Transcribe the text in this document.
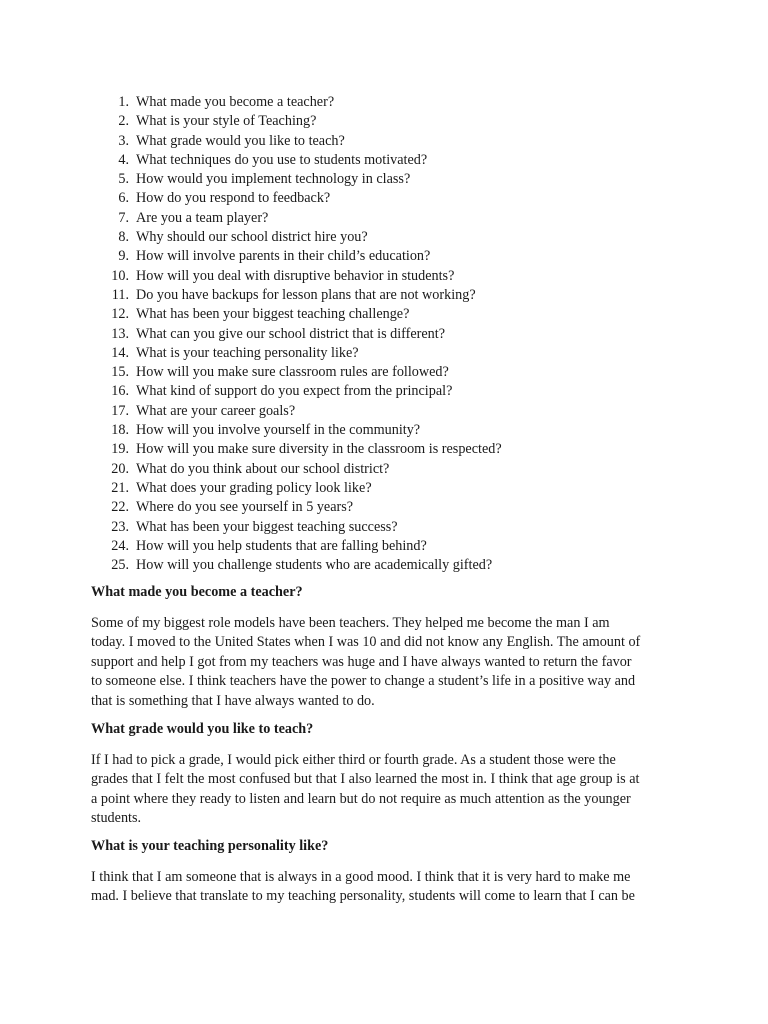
1. What made you become a teacher?
2. What is your style of Teaching?
3. What grade would you like to teach?
4. What techniques do you use to students motivated?
5. How would you implement technology in class?
6. How do you respond to feedback?
7. Are you a team player?
8. Why should our school district hire you?
9. How will involve parents in their child’s education?
10. How will you deal with disruptive behavior in students?
11. Do you have backups for lesson plans that are not working?
12. What has been your biggest teaching challenge?
13. What can you give our school district that is different?
14. What is your teaching personality like?
15. How will you make sure classroom rules are followed?
16. What kind of support do you expect from the principal?
17. What are your career goals?
18. How will you involve yourself in the community?
19. How will you make sure diversity in the classroom is respected?
20. What do you think about our school district?
21. What does your grading policy look like?
22. Where do you see yourself in 5 years?
23. What has been your biggest teaching success?
24. How will you help students that are falling behind?
25. How will you challenge students who are academically gifted?

What made you become a teacher?

Some of my biggest role models have been teachers. They helped me become the man I am
today. I moved to the United States when I was 10 and did not know any English. The amount of
support and help I got from my teachers was huge and I have always wanted to return the favor
to someone else. I think teachers have the power to change a student’s life in a positive way and
that is something that I have always wanted to do.

What grade would you like to teach?

If I had to pick a grade, I would pick either third or fourth grade. As a student those were the
grades that I felt the most confused but that I also learned the most in. I think that age group is at
a point where they ready to listen and learn but do not require as much attention as the younger
students.

What is your teaching personality like?

I think that I am someone that is always in a good mood. I think that it is very hard to make me
mad. I believe that translate to my teaching personality, students will come to learn that I can be
